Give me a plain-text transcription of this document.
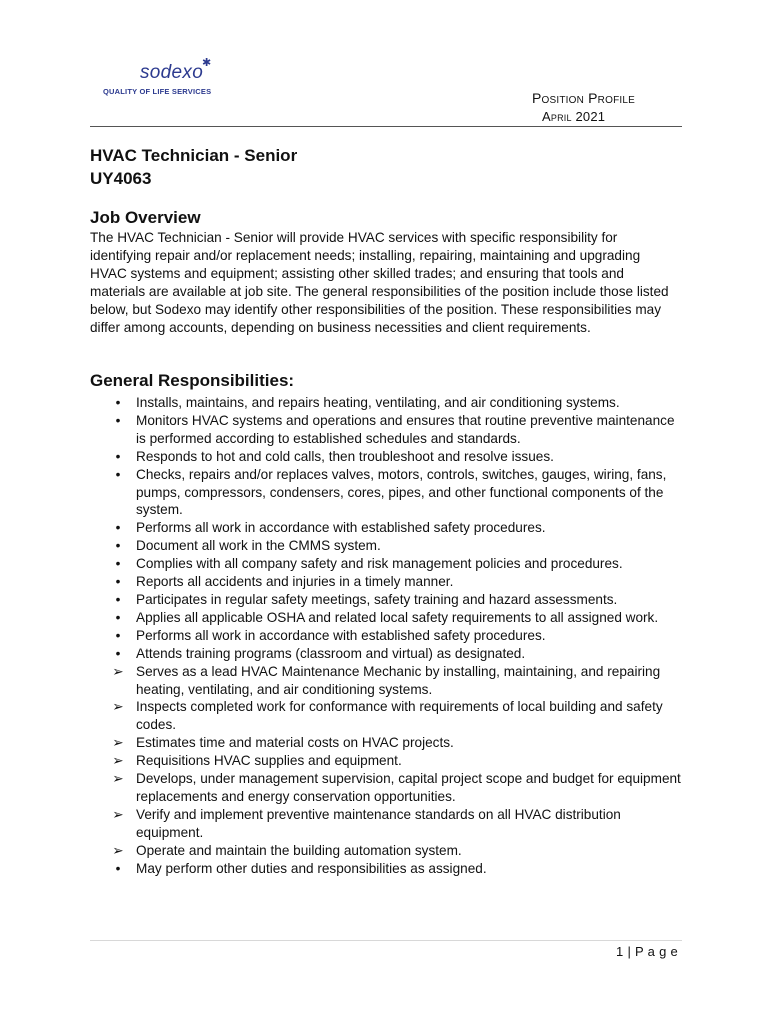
✱
sodexo
QUALITY OF LIFE SERVICES	Position Profile
April 2021
HVAC Technician - Senior
UY4063
Job Overview

The HVAC Technician - Senior will provide HVAC services with specific responsibility for identifying repair and/or replacement needs; installing, repairing, maintaining and upgrading HVAC systems and equipment; assisting other skilled trades; and ensuring that tools and materials are available at job site. The general responsibilities of the position include those listed below, but Sodexo may identify other responsibilities of the position. These responsibilities may differ among accounts, depending on business necessities and client requirements.

General Responsibilities:
•	Installs, maintains, and repairs heating, ventilating, and air conditioning systems.
•	Monitors HVAC systems and operations and ensures that routine preventive maintenance is performed according to established schedules and standards.
•	Responds to hot and cold calls, then troubleshoot and resolve issues.
•	Checks, repairs and/or replaces valves, motors, controls, switches, gauges, wiring, fans, pumps, compressors, condensers, cores, pipes, and other functional components of the system.
•	Performs all work in accordance with established safety procedures.
•	Document all work in the CMMS system.
•	Complies with all company safety and risk management policies and procedures.
•	Reports all accidents and injuries in a timely manner.
•	Participates in regular safety meetings, safety training and hazard assessments.
•	Applies all applicable OSHA and related local safety requirements to all assigned work.
•	Performs all work in accordance with established safety procedures.
•	Attends training programs (classroom and virtual) as designated.
➢ Serves as a lead HVAC Maintenance Mechanic by installing, maintaining, and repairing heating, ventilating, and air conditioning systems.
➢ Inspects completed work for conformance with requirements of local building and safety codes.
➢ Estimates time and material costs on HVAC projects.
➢ Requisitions HVAC supplies and equipment.
➢ Develops, under management supervision, capital project scope and budget for equipment replacements and energy conservation opportunities.
➢ Verify and implement preventive maintenance standards on all HVAC distribution equipment.
➢ Operate and maintain the building automation system.
•	May perform other duties and responsibilities as assigned.
1 | P a g e
